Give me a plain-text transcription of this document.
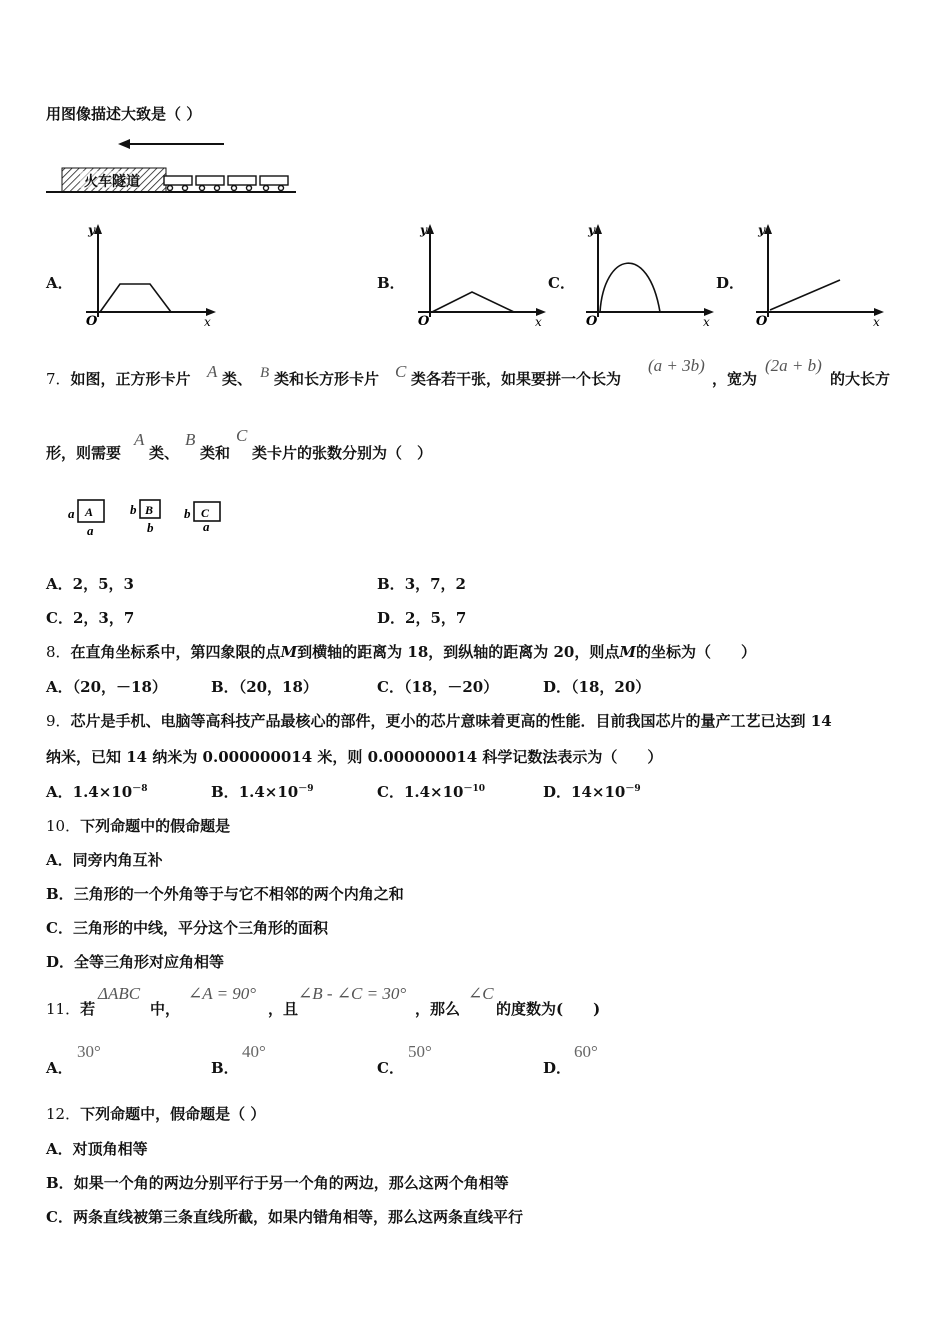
用图像描述大致是（ ）
火车隧道
A．
y
x
O
B．
y
x
O
C．
y
x
O
D．
y
x
O
7．如图，正方形卡片 A 类、 B 类和长方形卡片 C 类各若干张，如果要拼一个长为
(a + 3b)
，宽为
(2a + b)
的大长方
形，则需要
A
类、
B
类和
C
类卡片的张数分别为（　）
a A
a
b B
b
b C
a
A．2，5，3	B．3，7，2
C．2，3，7	D．2，5，7
8．在直角坐标系中，第四象限的点M到横轴的距离为 18，到纵轴的距离为 20，则点M的坐标为（　　）
A．（20，－18）	B．（20，18）	C．（18，－20）	D．（18，20）
9．芯片是手机、电脑等高科技产品最核心的部件，更小的芯片意味着更高的性能．目前我国芯片的量产工艺已达到 14
纳米，已知 14 纳米为 0.000000014 米，则 0.000000014 科学记数法表示为（　　）
A．$1.4\times 10^{-8}$	B．$1.4\times 10^{-9}$	C．$1.4\times 10^{-10}$	D．$14\times 10^{-9}$
10．下列命题中的假命题是
A．同旁内角互补
B．三角形的一个外角等于与它不相邻的两个内角之和
C．三角形的中线，平分这个三角形的面积
D．全等三角形对应角相等
11．若
ΔABC
中，
∠A = 90°
，且
∠B - ∠C = 30°
，那么
∠C
的度数为(　　)
A．
30°
B．
40°
C．
50°
D．
60°
12．下列命题中，假命题是（ ）
A．对顶角相等
B．如果一个角的两边分别平行于另一个角的两边，那么这两个角相等
C．两条直线被第三条直线所截，如果内错角相等，那么这两条直线平行
